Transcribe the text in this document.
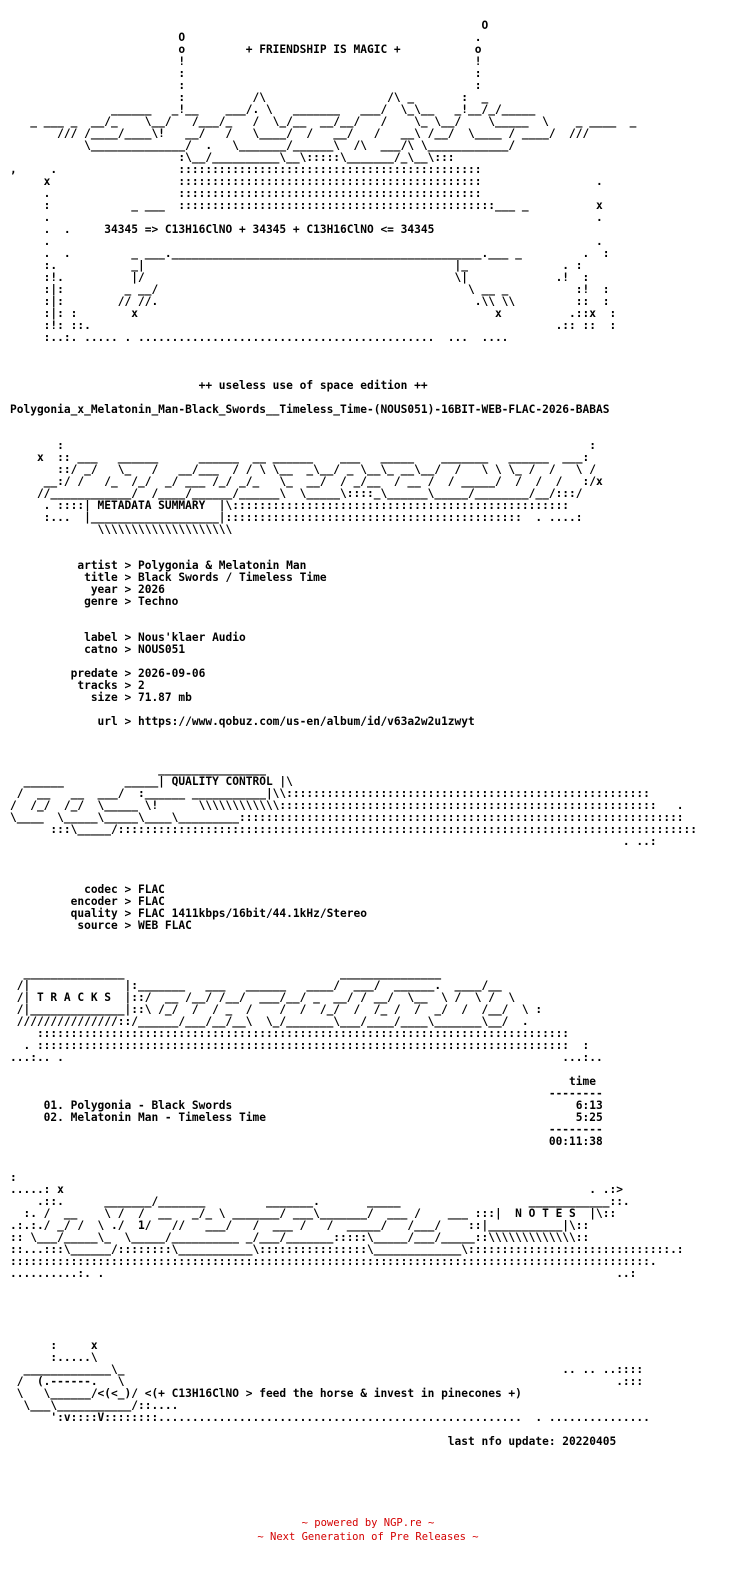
O
O                                           .
o         + FRIENDSHIP IS MAGIC +           o
!                                           !
:                                           :
:                                           :
:          /\                  /\ _       :  _
______   _!__    ___/. \   _______   ___/  \_\__   _!__/_/_____
_ ___ _  __/_    \__/   /___/_   /  \_/__  __/__/   /    \_ \__/    \_____  \    _ ____  _
/// /____/____\!   __/   /   \____/  /   __/   /   __\ /__/  \____ / ____/  ///
\______________/  .   \_______/______\  /\  ___/\ \____________/
:\__/__________\__\:::::\_______/_\__\:::
,     .                  :::::::::::::::::::::::::::::::::::::::::::::
x                   :::::::::::::::::::::::::::::::::::::::::::::                 .
.                   :::::::::::::::::::::::::::::::::::::::::::::
:            _ ___  :::::::::::::::::::::::::::::::::::::::::::::::___ _          x
.                                                                                 .
.  .     34345 => C13H16ClNO + 34345 + C13H16ClNO <= 34345
.                                                                                 .
.  .         _ ___.______________________________________________.___ _         .  :
:.           _|                                              |_              . :
:!.          |/                                              \|             .!  :
:|:         _ __/                                              \ __ _          :!  :
:|:        // //.                                               .\\ \\         ::  :
:|: :        x                                                     x          .::x  :
:!: ::.                                                                     .:: ::  :
:..:. ..... . ............................................  ...  ....

++ useless use of space edition ++

Polygonia_x_Melatonin_Man-Black_Swords__Timeless_Time-(NOUS051)-16BIT-WEB-FLAC-2026-BABAS

:                                                                              :
x  :: ___   ______      ______  __ ______    ___   _____    _______   ______  ___:
::/ _/   \_   /   __/___  / / \ \__  _\__/ _ \__\_ __\__/  /   \ \ \_ /  /   \ /
__:/ /   /_  /_/  _/ ___ /_/ _/_   \_  __/  / _/__  / __ /  / _____/  /  /  /   :/x
//____________/  /____/______/______\  \_____\::::_\______\_____/________/__/:::/
. ::::| METADATA SUMMARY  |\::::::::::::::::::::::::::::::::::::::::::::::::::
:...  |___________________|::::::::::::::::::::::::::::::::::::::::::::  . ....:
\\\\\\\\\\\\\\\\\\\\

artist > Polygonia & Melatonin Man
title > Black Swords / Timeless Time
year > 2026
genre > Techno

label > Nous'klaer Audio
catno > NOUS051

predate > 2026-09-06
tracks > 2
size > 71.87 mb

url > https://www.qobuz.com/us-en/album/id/v63a2w2u1zwyt

________________
______         _____| QUALITY CONTROL |\
/  __   __  ___/  :______ ___________|\\::::::::::::::::::::::::::::::::::::::::::::::::::::::
/  /_/  /_/  \_____ \!      \\\\\\\\\\\\::::::::::::::::::::::::::::::::::::::::::::::::::::::::   .
\____  \_____\_____\____\_________::::::::::::::::::::::::::::::::::::::::::::::::::::::::::::::::::
:::\_____/::::::::::::::::::::::::::::::::::::::::::::::::::::::::::::::::::::::::::::::::::::::
. ..:

codec > FLAC
encoder > FLAC
quality > FLAC 1411kbps/16bit/44.1kHz/Stereo
source > WEB FLAC

_______________                                _______________
/|              |:_______   ___   ______   ____/  ___/  ______.  ____/__
/| T R A C K S  |::/  __ /__/ /__/  ___/__/ _  __/ / __/  \__  \ /  \ /  \
/|______________|::\ /_/  /  / _  /    /  /  /_/  /  /_ /  /  _/  /  /__/  \ :
///////////////::/______/___/__/__\  \_/_______\___/____/____\_______\__/  .
:::::::::::::::::::::::::::::::::::::::::::::::::::::::::::::::::::::::::::::::
. :::::::::::::::::::::::::::::::::::::::::::::::::::::::::::::::::::::::::::::::  :
...:.. .                                                                          ...:..

time
--------
01. Polygonia - Black Swords                                                   6:13
02. Melatonin Man - Timeless Time                                              5:25
--------
00:11:38

:
.....: x                                                                              . .:>
.::.      _______/_______         _______.       _____                   ____________::.
:. /  __    \ /  /  __   _/_ \ _______/ ___\_______/  ___ /    ___ :::|  N O T E S  |\::
.:.:./ _/ /  \ ./  1/   //   ___/   /  ___ /   /  _____/   /___/    ::|___________|\::
:: \___/_____\_  \_____/__________ _/___/_______:::::\_____/___/_____::\\\\\\\\\\\\\::
::...:::\______/::::::::\___________\::::::::::::::::\_____________\::::::::::::::::::::::::::::::.:
:::::::::::::::::::::::::::::::::::::::::::::::::::::::::::::::::::::::::::::::::::::::::::::::.
..........:. .                                                                            ..:

:     x
:.....\
_____________\_                                                                 .. .. ..::::
/  (.------.   \                                                                         .:::
\   \______/<(<_)/ <(+ C13H16ClNO > feed the horse & invest in pinecones +)
\___\___________/::....
':v::::V::::::::......................................................  . ...............

last nfo update: 20220405
~ powered by NGP.re ~
~ Next Generation of Pre Releases ~
